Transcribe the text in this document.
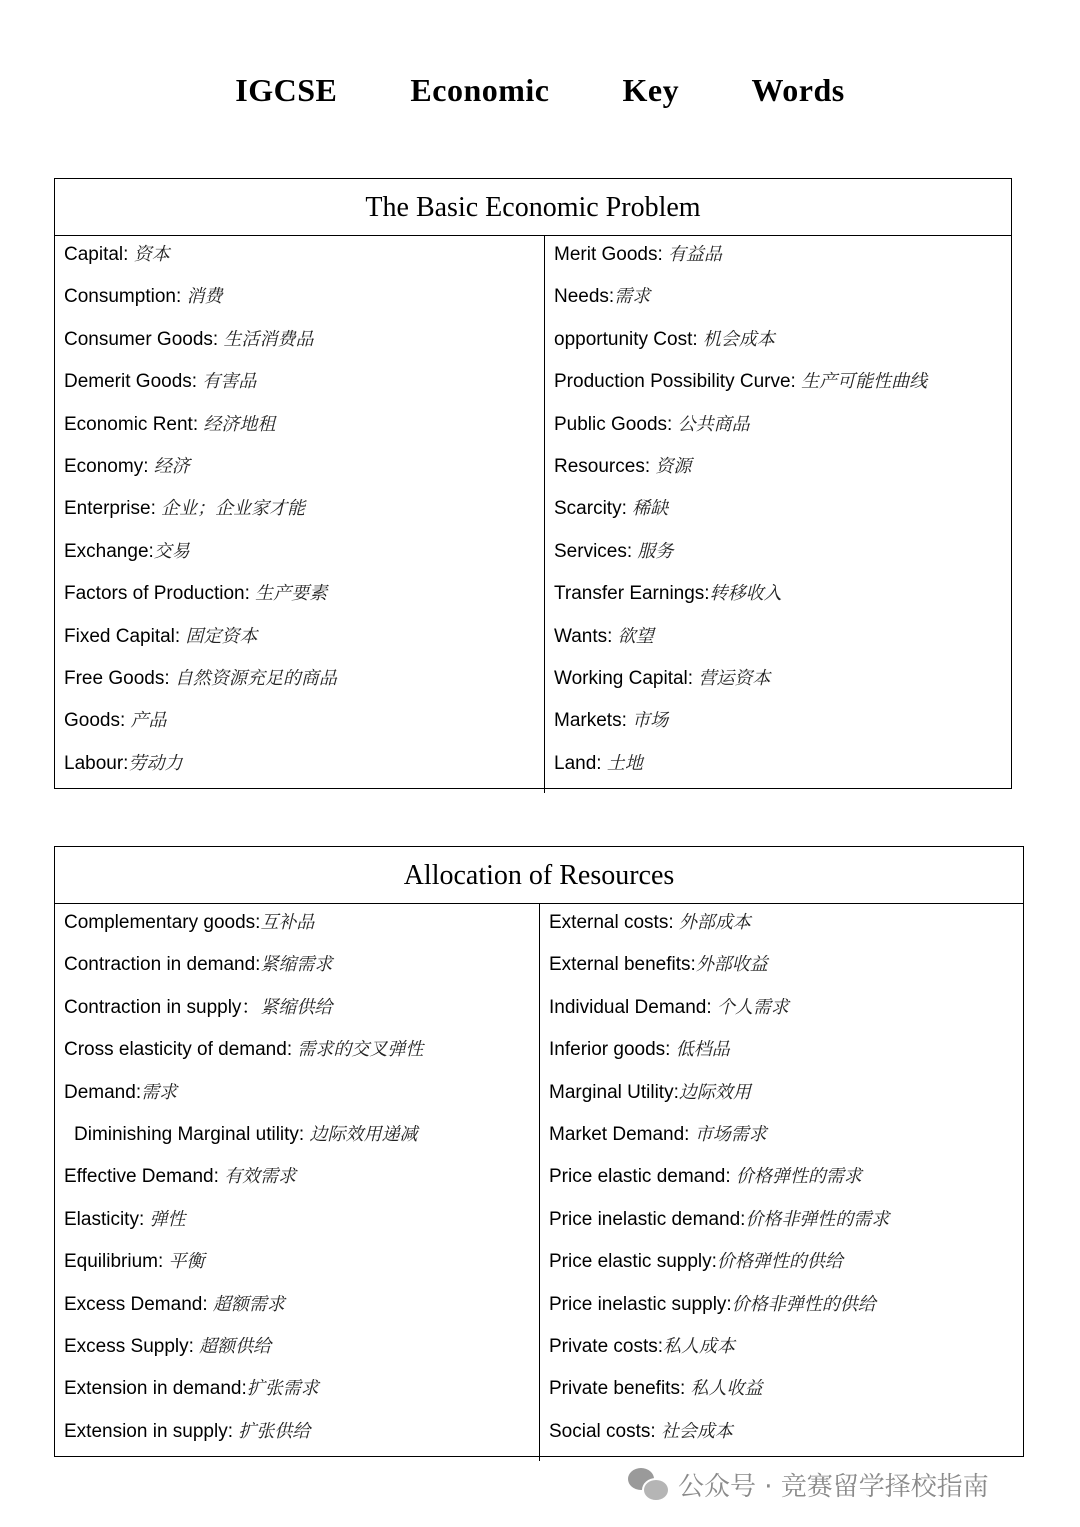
IGCSE  Economic  Key  Words
The Basic Economic Problem
Capital: 资本
Consumption: 消费
Consumer Goods: 生活消费品
Demerit Goods: 有害品
Economic Rent: 经济地租
Economy: 经济
Enterprise: 企业；企业家才能
Exchange:交易
Factors of Production: 生产要素
Fixed Capital: 固定资本
Free Goods: 自然资源充足的商品
Goods: 产品
Labour:劳动力
Merit Goods: 有益品
Needs:需求
opportunity Cost: 机会成本
Production Possibility Curve: 生产可能性曲线
Public Goods: 公共商品
Resources: 资源
Scarcity: 稀缺
Services: 服务
Transfer Earnings:转移收入
Wants: 欲望
Working Capital: 营运资本
Markets: 市场
Land: 土地
Allocation of Resources
Complementary goods:互补品
Contraction in demand:紧缩需求
Contraction in supply：紧缩供给
Cross elasticity of demand: 需求的交叉弹性
Demand:需求
Diminishing Marginal utility: 边际效用递减
Effective Demand: 有效需求
Elasticity: 弹性
Equilibrium: 平衡
Excess Demand: 超额需求
Excess Supply: 超额供给
Extension in demand:扩张需求
Extension in supply: 扩张供给
External costs: 外部成本
External benefits:外部收益
Individual Demand: 个人需求
Inferior goods: 低档品
Marginal Utility:边际效用
Market Demand: 市场需求
Price elastic demand: 价格弹性的需求
Price inelastic demand:价格非弹性的需求
Price elastic supply:价格弹性的供给
Price inelastic supply:价格非弹性的供给
Private costs:私人成本
Private benefits: 私人收益
Social costs: 社会成本
公众号 · 竞赛留学择校指南
